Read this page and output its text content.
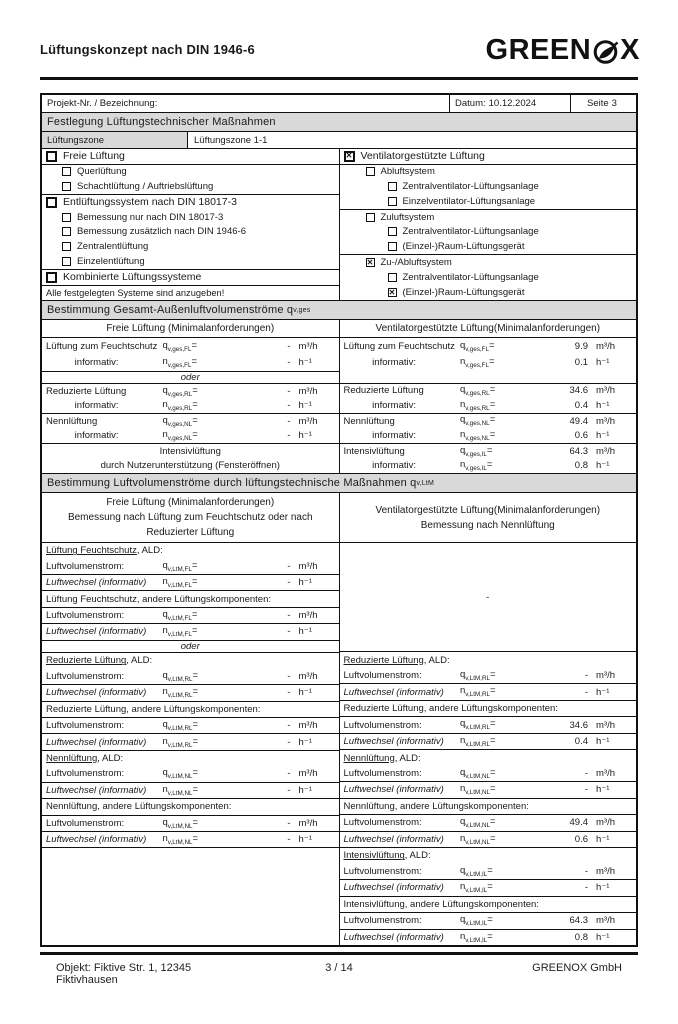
Lüftungskonzept nach DIN 1946-6	GREEN X
Projekt-Nr. / Bezeichnung:	Datum: 10.12.2024	Seite 3
Festlegung Lüftungstechnischer Maßnahmen
Lüftungszone	Lüftungszone 1-1
Freie Lüftung
Querlüftung
Schachtlüftung / Auftriebslüftung
Entlüftungssystem nach DIN 18017-3
Bemessung nur nach DIN 18017-3
Bemessung zusätzlich nach DIN 1946-6
Zentralentlüftung
Einzelentlüftung
Kombinierte Lüftungssysteme
Alle festgelegten Systeme sind anzugeben!
✕
Ventilatorgestützte Lüftung
Abluftsystem
Zentralventilator-Lüftungsanlage
Einzelventilator-Lüftungsanlage
Zuluftsystem
Zentralventilator-Lüftungsanlage
(Einzel-)Raum-Lüftungsgerät
✕
Zu-/Abluftsystem
Zentralventilator-Lüftungsanlage
✕
(Einzel-)Raum-Lüftungsgerät
Bestimmung Gesamt-Außenluftvolumenströme q v,ges
Freie Lüftung (Minimalanforderungen)	Ventilatorgestützte Lüftung(Minimalanforderungen)
Lüftung zum Feuchtschutz $q_{v,ges,FL}=$	- m³/h
informativ:	$n_{v,ges,FL}=$	- h⁻¹
oder
Reduzierte Lüftung	$q_{v,ges,RL}=$	- m³/h
informativ:	$n_{v,ges,RL}=$	- h⁻¹
Nennlüftung	$q_{v,ges,NL}=$	- m³/h
informativ:	$n_{v,ges,NL}=$	- h⁻¹
Intensivlüftung
durch Nutzerunterstützung (Fensteröffnen)
Lüftung zum Feuchtschutz $q_{v,ges,FL}=$	9.9 m³/h
informativ:	$n_{v,ges,FL}=$	0.1 h⁻¹
Reduzierte Lüftung	$q_{v,ges,RL}=$	34.6 m³/h
informativ:	$n_{v,ges,RL}=$	0.4 h⁻¹
Nennlüftung	$q_{v,ges,NL}=$	49.4 m³/h
informativ:	$n_{v,ges,NL}=$	0.6 h⁻¹
Intensivlüftung	$q_{v,ges,IL}=$	64.3 m³/h
informativ:	$n_{v,ges,IL}=$	0.8 h⁻¹
Bestimmung Luftvolumenströme durch lüftungstechnische Maßnahmen q v,LtM
Freie Lüftung (Minimalanforderungen)
Bemessung nach Lüftung zum Feuchtschutz oder nach
Reduzierter Lüftung
Ventilatorgestützte Lüftung(Minimalanforderungen)
Bemessung nach Nennlüftung
Lüftung Feuchtschutz , ALD:
Luftvolumenstrom:	$q_{v,LtM,FL}=$	- m³/h
Luftwechsel (informativ)	$n_{v,LtM,FL}=$	- h⁻¹
Lüftung Feuchtschutz, andere Lüftungskomponenten:
Luftvolumenstrom:	$q_{v,LtM,FL}=$	- m³/h
Luftwechsel (informativ)	$n_{v,LtM,FL}=$	- h⁻¹
oder
Reduzierte Lüftung , ALD:
Luftvolumenstrom:	$q_{v,LtM,RL}=$	- m³/h
Luftwechsel (informativ)	$n_{v,LtM,RL}=$	- h⁻¹
Reduzierte Lüftung, andere Lüftungskomponenten:
Luftvolumenstrom:	$q_{v,LtM,RL}=$	- m³/h
Luftwechsel (informativ)	$n_{v,LtM,RL}=$	- h⁻¹
Nennlüftung , ALD:
Luftvolumenstrom:	$q_{v,LtM,NL}=$	- m³/h
Luftwechsel (informativ)	$n_{v,LtM,NL}=$	- h⁻¹
Nennlüftung, andere Lüftungskomponenten:
Luftvolumenstrom:	$q_{v,LtM,NL}=$	- m³/h
Luftwechsel (informativ)	$n_{v,LtM,NL}=$	- h⁻¹
-
Reduzierte Lüftung , ALD:
Luftvolumenstrom:	$q_{v,LtM,RL}=$	- m³/h
Luftwechsel (informativ)	$n_{v,LtM,RL}=$	- h⁻¹
Reduzierte Lüftung, andere Lüftungskomponenten:
Luftvolumenstrom:	$q_{v,LtM,RL}=$	34.6 m³/h
Luftwechsel (informativ)	$n_{v,LtM,RL}=$	0.4 h⁻¹
Nennlüftung , ALD:
Luftvolumenstrom:	$q_{v,LtM,NL}=$	- m³/h
Luftwechsel (informativ)	$n_{v,LtM,NL}=$	- h⁻¹
Nennlüftung, andere Lüftungskomponenten:
Luftvolumenstrom:	$q_{v,LtM,NL}=$	49.4 m³/h
Luftwechsel (informativ)	$n_{v,LtM,NL}=$	0.6 h⁻¹
Intensivlüftung , ALD:
Luftvolumenstrom:	$q_{v,LtM,IL}=$	- m³/h
Luftwechsel (informativ)	$n_{v,LtM,IL}=$	- h⁻¹
Intensivlüftung, andere Lüftungskomponenten:
Luftvolumenstrom:	$q_{v,LtM,IL}=$	64.3 m³/h
Luftwechsel (informativ)	$n_{v,LtM,IL}=$	0.8 h⁻¹
Objekt: Fiktive Str. 1, 12345 Fiktivhausen
3 / 14	GREENOX GmbH
